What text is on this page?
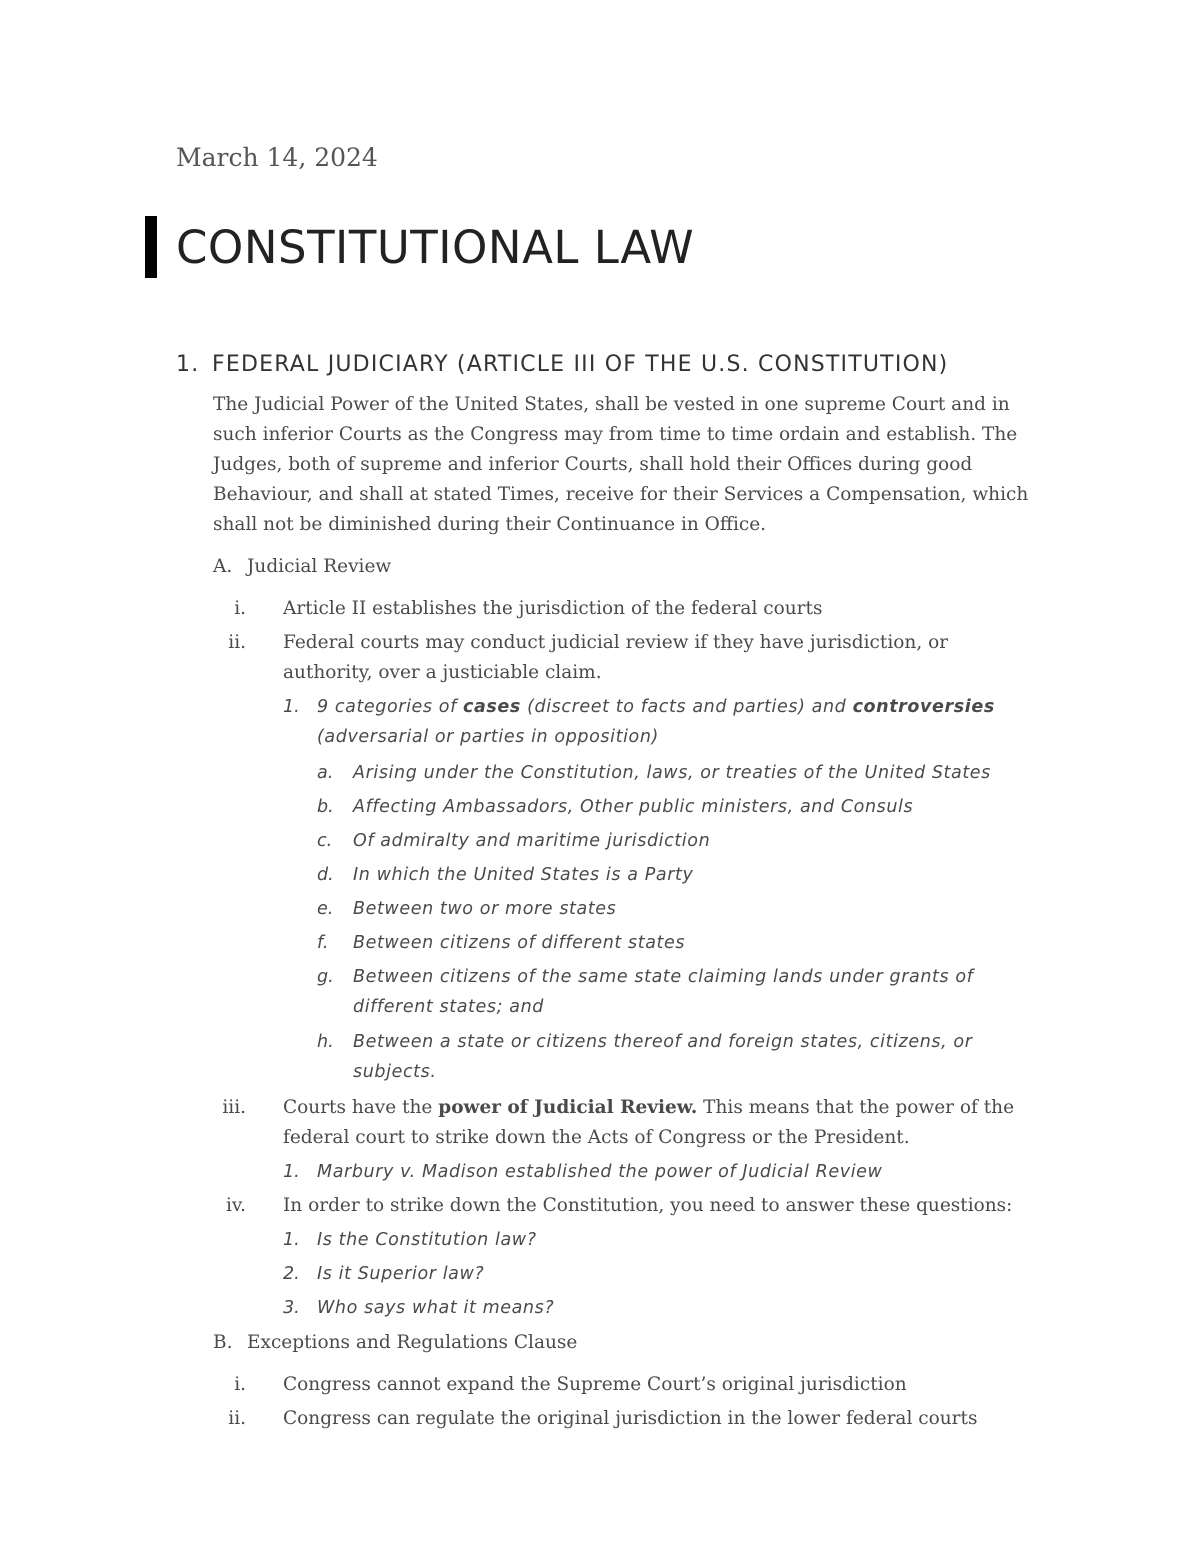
March 14, 2024

CONSTITUTIONAL LAW
1. FEDERAL JUDICIARY (ARTICLE III OF THE U.S. CONSTITUTION)

The Judicial Power of the United States, shall be vested in one supreme Court and in

such inferior Courts as the Congress may from time to time ordain and establish. The

Judges, both of supreme and inferior Courts, shall hold their Offices during good

Behaviour, and shall at stated Times, receive for their Services a Compensation, which

shall not be diminished during their Continuance in Office.

A. Judicial Review

i. Article II establishes the jurisdiction of the federal courts

ii. Federal courts may conduct judicial review if they have jurisdiction, or

authority, over a justiciable claim.

1. 9 categories of cases (discreet to facts and parties) and controversies

(adversarial or parties in opposition)

a. Arising under the Constitution, laws, or treaties of the United States

b. Affecting Ambassadors, Other public ministers, and Consuls

c. Of admiralty and maritime jurisdiction

d. In which the United States is a Party

e. Between two or more states

f. Between citizens of different states

g. Between citizens of the same state claiming lands under grants of

different states; and

h. Between a state or citizens thereof and foreign states, citizens, or

subjects.

iii. Courts have the power of Judicial Review. This means that the power of the

federal court to strike down the Acts of Congress or the President.

1. Marbury v. Madison established the power of Judicial Review

iv. In order to strike down the Constitution, you need to answer these questions:

1. Is the Constitution law?

2. Is it Superior law?

3. Who says what it means?

B. Exceptions and Regulations Clause

i. Congress cannot expand the Supreme Court’s original jurisdiction

ii. Congress can regulate the original jurisdiction in the lower federal courts
